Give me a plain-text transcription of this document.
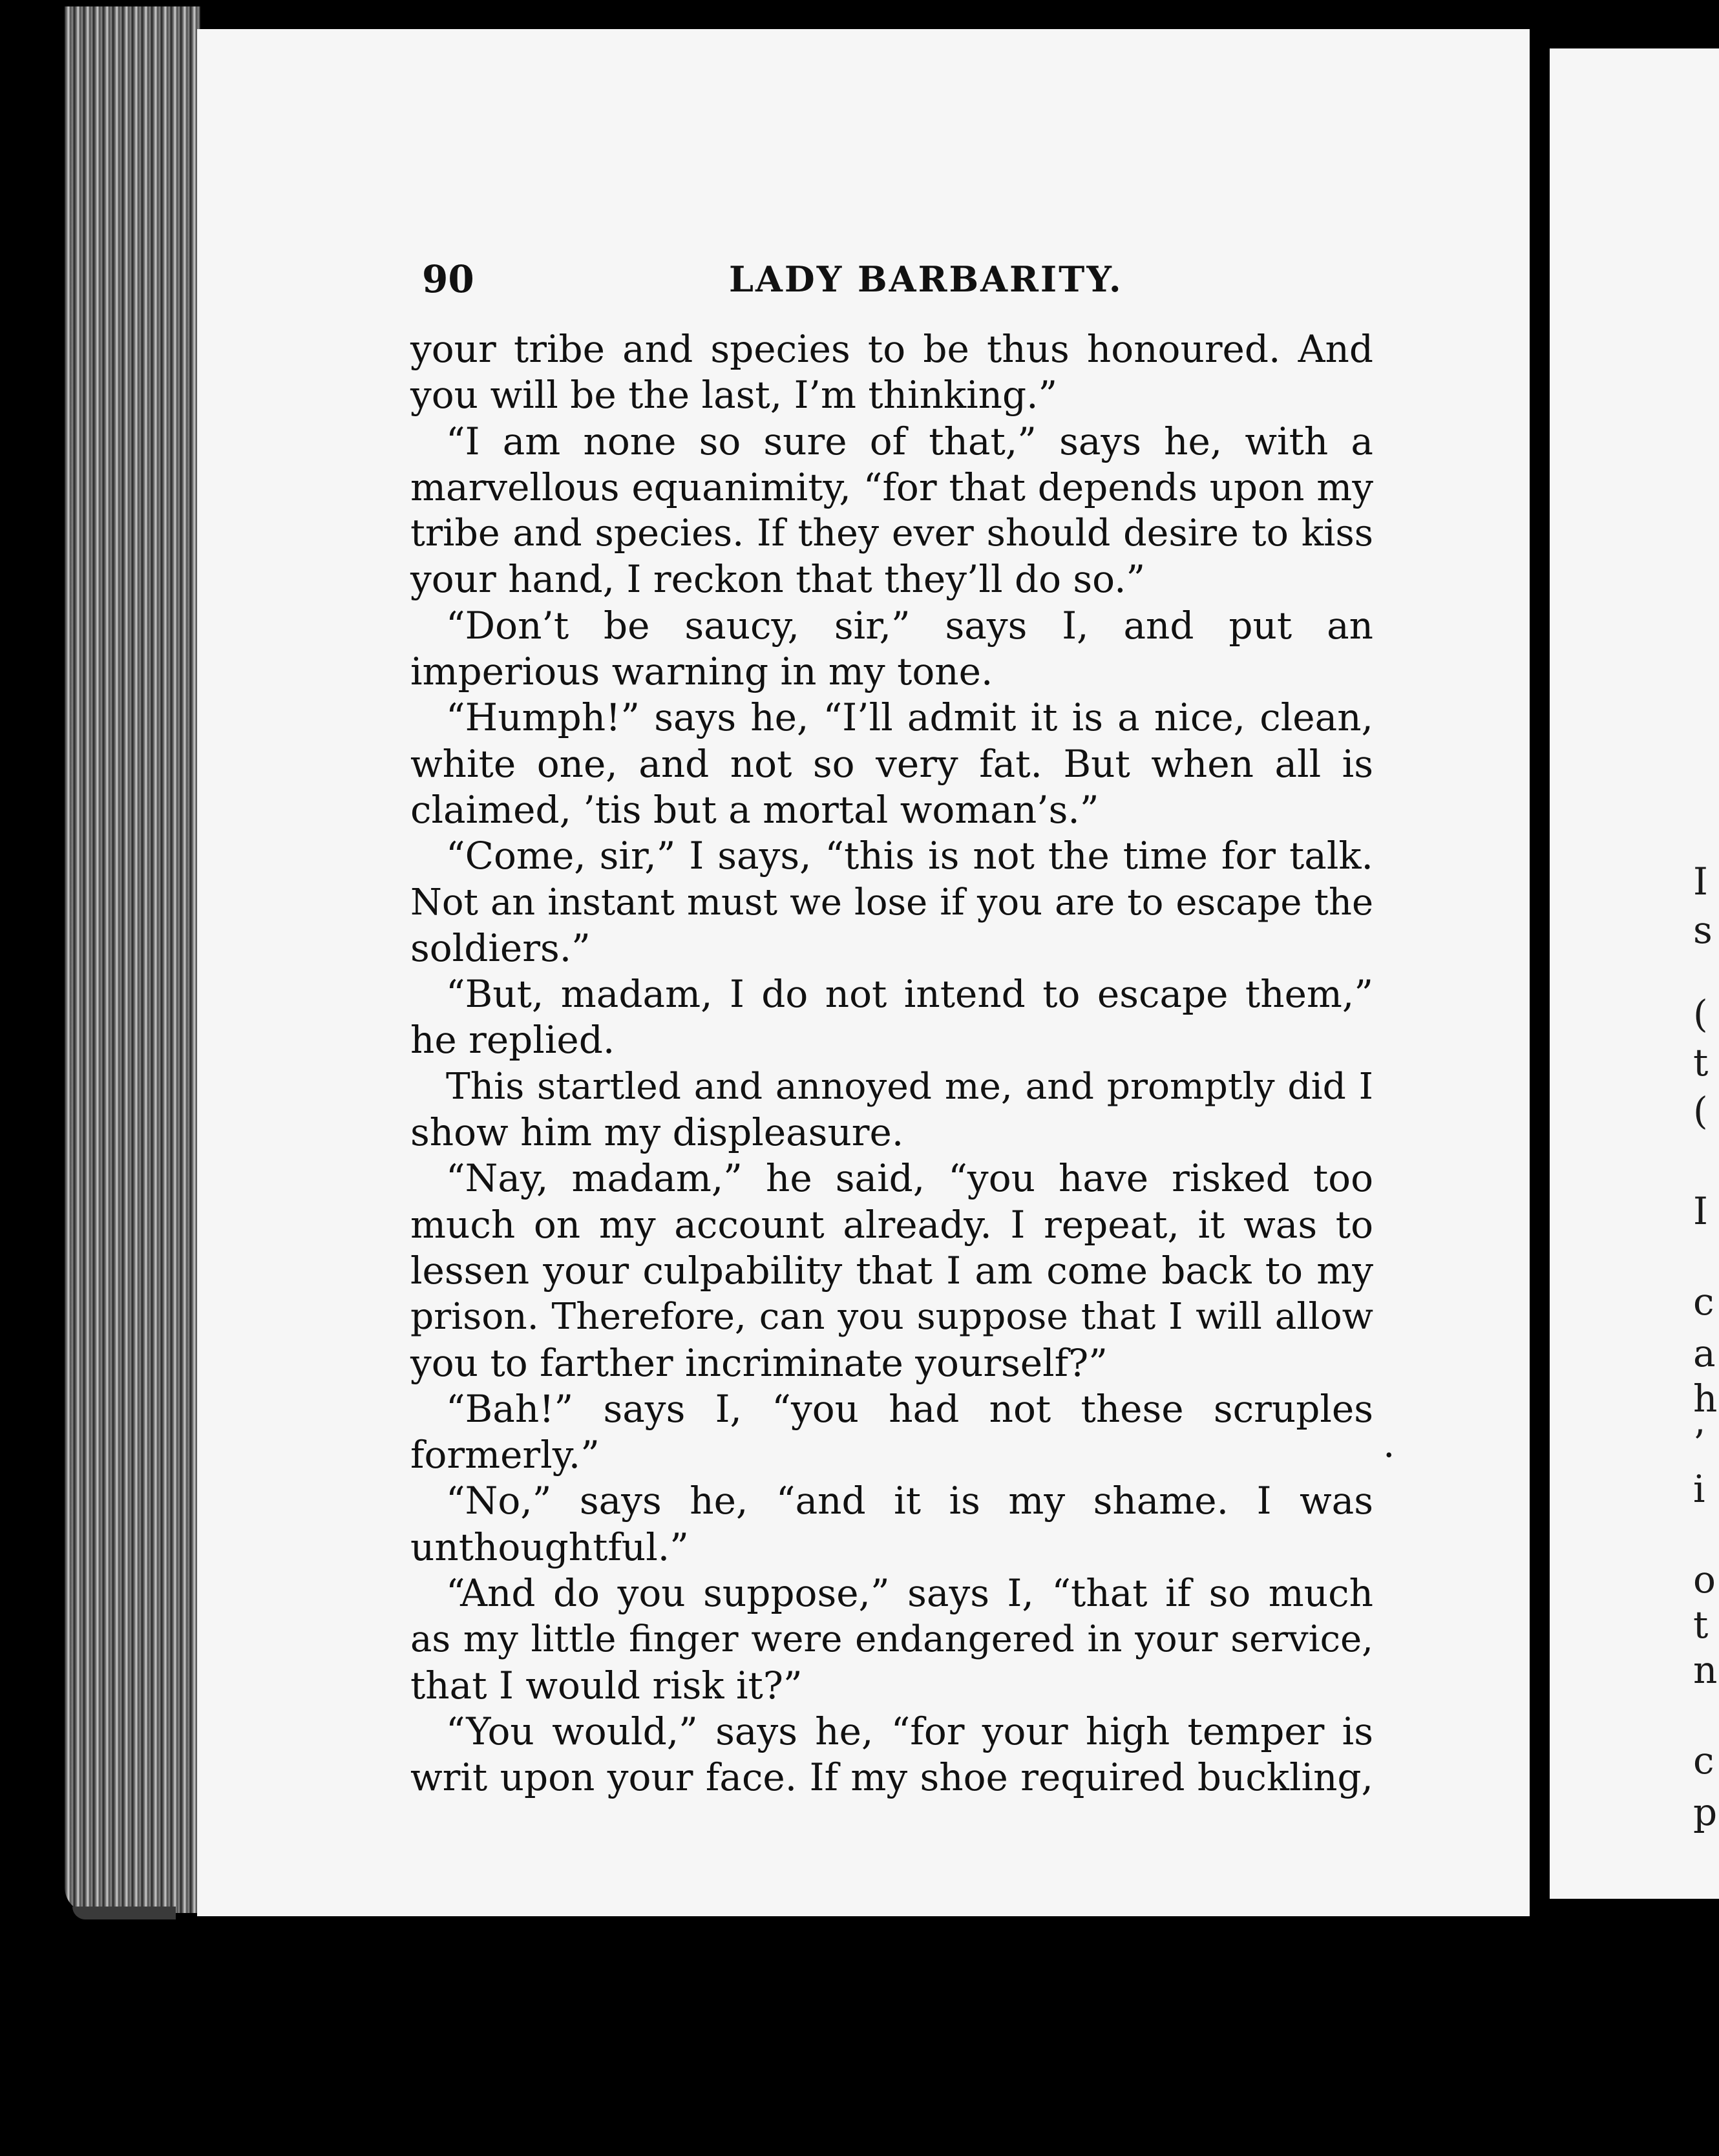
I
s
(
t
(
I
c
a
h
’
i
o
t
n
c
p
90	LADY BARBARITY.
your tribe and species to be thus honoured. And
you will be the last, I’m thinking.”
“I am none so sure of that,” says he, with a
marvellous equanimity, “for that depends upon my
tribe and species. If they ever should desire to kiss
your hand, I reckon that they’ll do so.”
“Don’t be saucy, sir,” says I, and put an
imperious warning in my tone.
“Humph!” says he, “I’ll admit it is a nice, clean,
white one, and not so very fat. But when all is
claimed, ’tis but a mortal woman’s.”
“Come, sir,” I says, “this is not the time for talk.
Not an instant must we lose if you are to escape the
soldiers.”
“But, madam, I do not intend to escape them,”
he replied.
This startled and annoyed me, and promptly did I
show him my displeasure.
“Nay, madam,” he said, “you have risked too
much on my account already. I repeat, it was to
lessen your culpability that I am come back to my
prison. Therefore, can you suppose that I will allow
you to farther incriminate yourself?”
“Bah!” says I, “you had not these scruples
formerly.”
“No,” says he, “and it is my shame. I was
unthoughtful.”
“And do you suppose,” says I, “that if so much
as my little finger were endangered in your service,
that I would risk it?”
“You would,” says he, “for your high temper is
writ upon your face. If my shoe required buckling,
.
